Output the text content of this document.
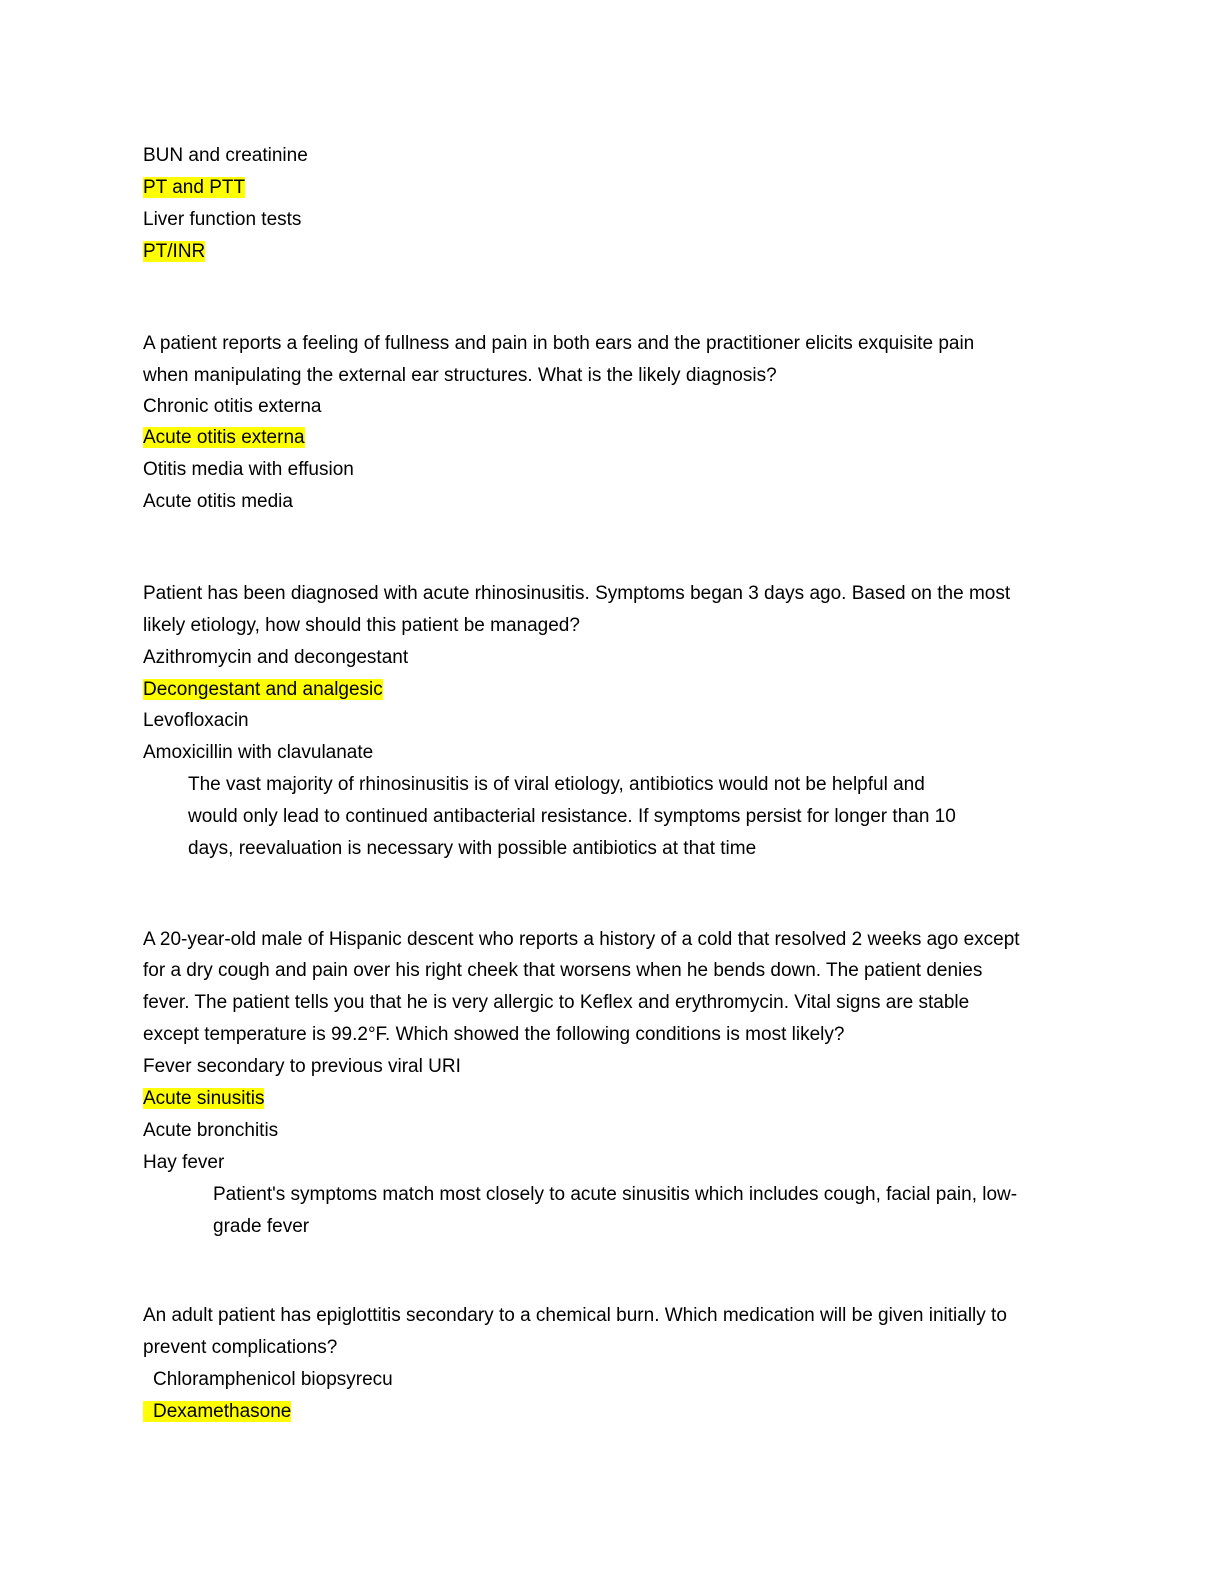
BUN and creatinine
PT and PTT
Liver function tests
PT/INR
A patient reports a feeling of fullness and pain in both ears and the practitioner elicits exquisite pain
when manipulating the external ear structures. What is the likely diagnosis?
Chronic otitis externa
Acute otitis externa
Otitis media with effusion
Acute otitis media
Patient has been diagnosed with acute rhinosinusitis. Symptoms began 3 days ago. Based on the most
likely etiology, how should this patient be managed?
Azithromycin and decongestant
Decongestant and analgesic
Levofloxacin
Amoxicillin with clavulanate
The vast majority of rhinosinusitis is of viral etiology, antibiotics would not be helpful and
would only lead to continued antibacterial resistance. If symptoms persist for longer than 10
days, reevaluation is necessary with possible antibiotics at that time
A 20-year-old male of Hispanic descent who reports a history of a cold that resolved 2 weeks ago except
for a dry cough and pain over his right cheek that worsens when he bends down. The patient denies
fever. The patient tells you that he is very allergic to Keflex and erythromycin. Vital signs are stable
except temperature is 99.2°F. Which showed the following conditions is most likely?
Fever secondary to previous viral URI
Acute sinusitis
Acute bronchitis
Hay fever
Patient's symptoms match most closely to acute sinusitis which includes cough, facial pain, low-
grade fever
An adult patient has epiglottitis secondary to a chemical burn. Which medication will be given initially to
prevent complications?
Chloramphenicol biopsyrecu
Dexamethasone
